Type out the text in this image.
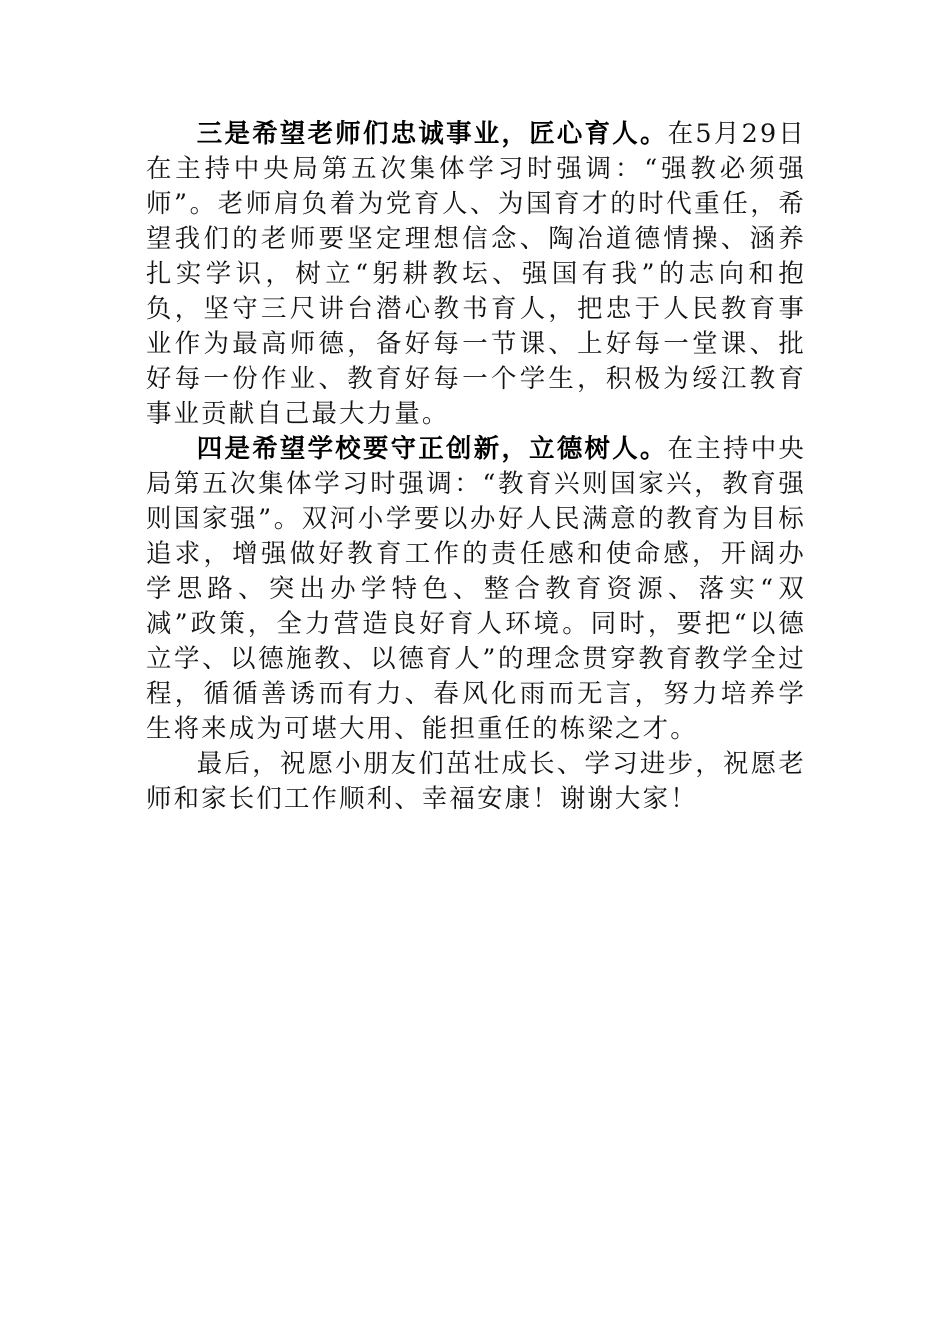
三是希望老师们忠诚事业，匠心育人。在5月29日在主持中央局第五次集体学习时强调：“强教必须强师”。老师肩负着为党育人、为国育才的时代重任，希望我们的老师要坚定理想信念、陶冶道德情操、涵养扎实学识，树立“躬耕教坛、强国有我”的志向和抱负，坚守三尺讲台潜心教书育人，把忠于人民教育事业作为最高师德，备好每一节课、上好每一堂课、批好每一份作业、教育好每一个学生，积极为绥江教育事业贡献自己最大力量。

四是希望学校要守正创新，立德树人。在主持中央局第五次集体学习时强调：“教育兴则国家兴，教育强则国家强”。双河小学要以办好人民满意的教育为目标追求，增强做好教育工作的责任感和使命感，开阔办学思路、突出办学特色、整合教育资源、落实“双减”政策，全力营造良好育人环境。同时，要把“以德立学、以德施教、以德育人”的理念贯穿教育教学全过程，循循善诱而有力、春风化雨而无言，努力培养学生将来成为可堪大用、能担重任的栋梁之才。

最后，祝愿小朋友们茁壮成长、学习进步，祝愿老师和家长们工作顺利、幸福安康！谢谢大家！
